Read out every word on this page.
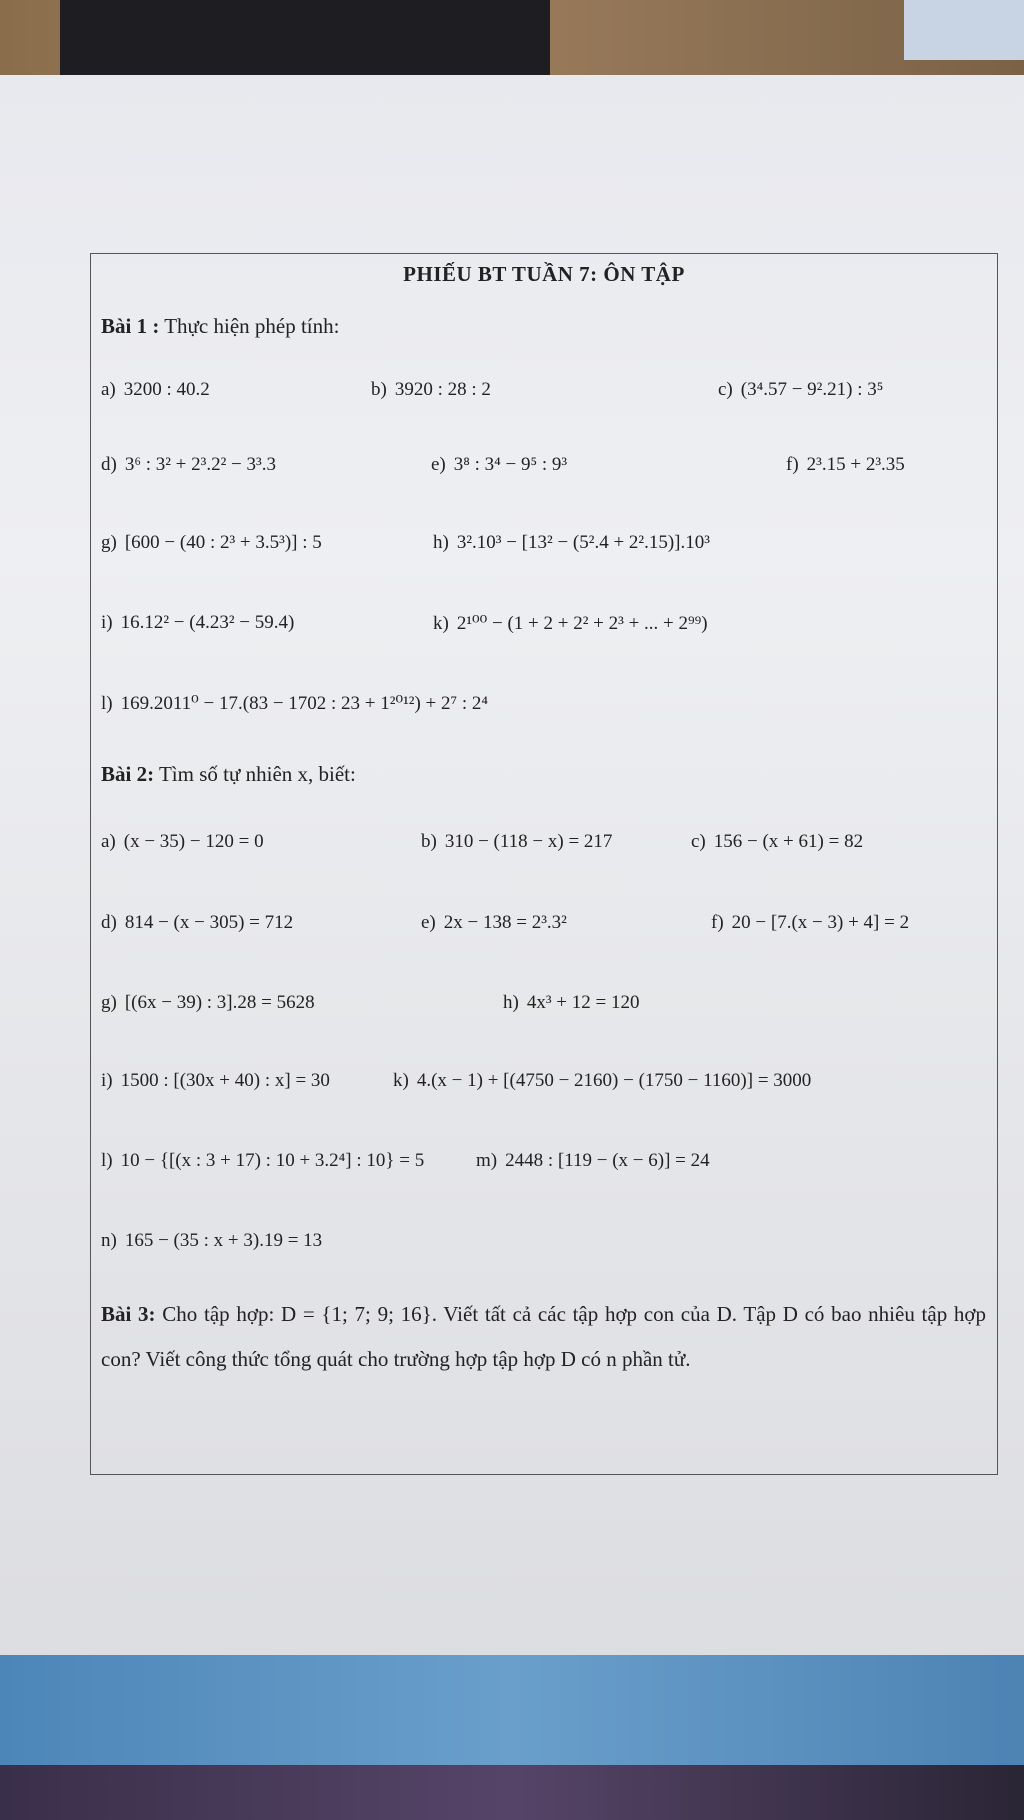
PHIẾU BT TUẦN 7: ÔN TẬP
Bài 1 : Thực hiện phép tính:
a) 3200 : 40.2	b) 3920 : 28 : 2	c) (3⁴.57 − 9².21) : 3⁵
d) 3⁶ : 3² + 2³.2² − 3³.3	e) 3⁸ : 3⁴ − 9⁵ : 9³	f) 2³.15 + 2³.35
g) [600 − (40 : 2³ + 3.5³)] : 5	h) 3².10³ − [13² − (5².4 + 2².15)].10³
i) 16.12² − (4.23² − 59.4)	k) 2¹⁰⁰ − (1 + 2 + 2² + 2³ + ... + 2⁹⁹)
l) 169.2011⁰ − 17.(83 − 1702 : 23 + 1²⁰¹²) + 2⁷ : 2⁴
Bài 2: Tìm số tự nhiên x, biết:
a) (x − 35) − 120 = 0	b) 310 − (118 − x) = 217	c) 156 − (x + 61) = 82
d) 814 − (x − 305) = 712	e) 2x − 138 = 2³.3²	f) 20 − [7.(x − 3) + 4] = 2
g) [(6x − 39) : 3].28 = 5628	h) 4x³ + 12 = 120
i) 1500 : [(30x + 40) : x] = 30	k) 4.(x − 1) + [(4750 − 2160) − (1750 − 1160)] = 3000
l) 10 − {[(x : 3 + 17) : 10 + 3.2⁴] : 10} = 5	m) 2448 : [119 − (x − 6)] = 24
n) 165 − (35 : x + 3).19 = 13
Bài 3: Cho tập hợp: D = {1; 7; 9; 16}. Viết tất cả các tập hợp con của D. Tập D có bao nhiêu tập hợp con? Viết công thức tổng quát cho trường hợp tập hợp D có n phần tử.
